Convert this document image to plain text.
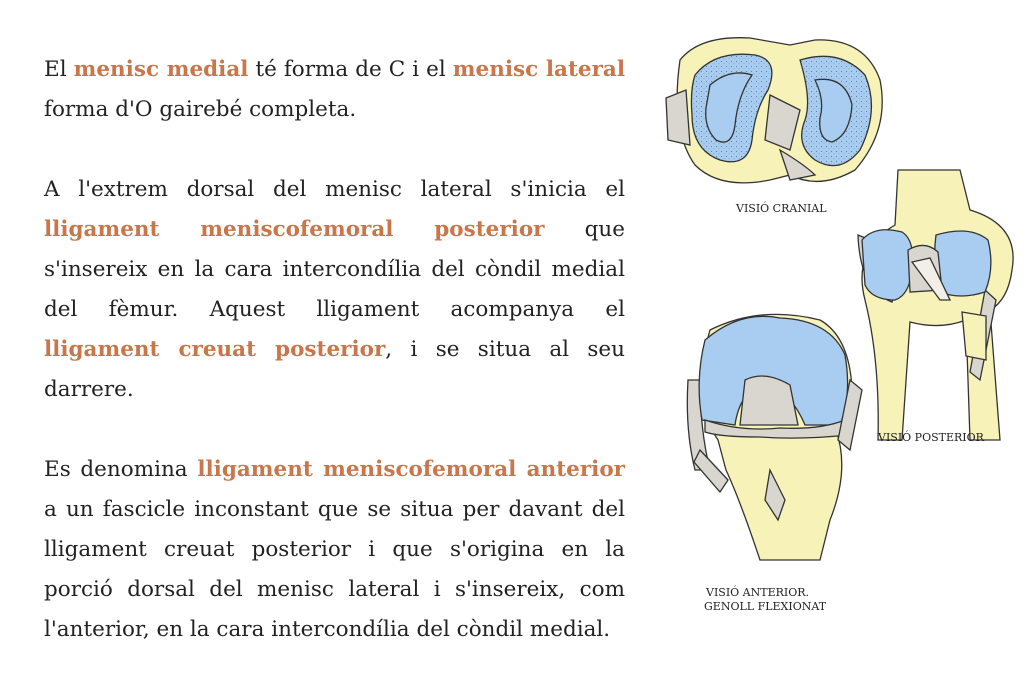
El menisc medial té forma de C i el menisc lateral forma d'O gairebé completa.

A l'extrem dorsal del menisc lateral s'inicia el lligament meniscofemoral posterior que s'insereix en la cara intercondília del còndil medial del fèmur. Aquest lligament acompanya el lligament creuat posterior, i se situa al seu darrere.

Es denomina lligament meniscofemoral anterior a un fascicle inconstant que se situa per davant del lligament creuat posterior i que s'origina en la porció dorsal del menisc lateral i s'insereix, com l'anterior, en la cara intercondília del còndil medial.

VISIÓ CRANIAL
VISIÓ POSTERIOR
VISIÓ ANTERIOR.
GENOLL FLEXIONAT
